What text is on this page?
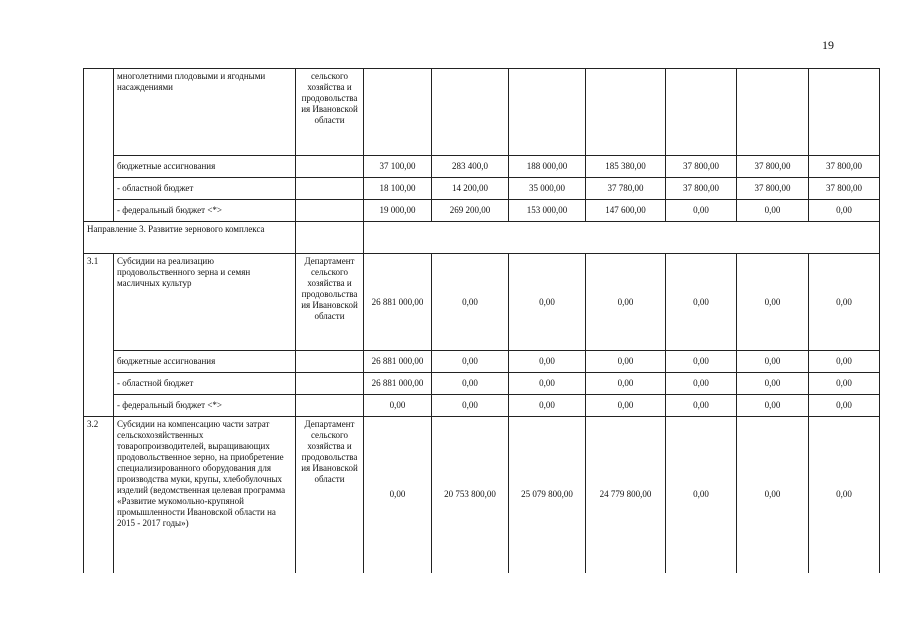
19
	многолетними плодовыми и ягодными насаждениями	сельского хозяйства и продовольства ия Ивановской области							
	бюджетные ассигнования		37 100,00	283 400,0	188 000,00	185 380,00	37 800,00	37 800,00	37 800,00
	- областной бюджет		18 100,00	14 200,00	35 000,00	37 780,00	37 800,00	37 800,00	37 800,00
	- федеральный бюджет <*>		19 000,00	269 200,00	153 000,00	147 600,00	0,00	0,00	0,00
Направление 3. Развитие зернового комплекса									
3.1	Субсидии на реализацию продовольственного зерна и семян масличных культур	Департамент сельского хозяйства и продовольства ия Ивановской области	26 881 000,00	0,00	0,00	0,00	0,00	0,00	0,00
	бюджетные ассигнования		26 881 000,00	0,00	0,00	0,00	0,00	0,00	0,00
	- областной бюджет		26 881 000,00	0,00	0,00	0,00	0,00	0,00	0,00
	- федеральный бюджет <*>		0,00	0,00	0,00	0,00	0,00	0,00	0,00
3.2	Субсидии на компенсацию части затрат сельскохозяйственных товаропроизводителей, выращивающих продовольственное зерно, на приобретение специализированного оборудования для производства муки, крупы, хлебобулочных изделий (ведомственная целевая программа «Развитие мукомольно-крупяной промышленности Ивановской области на 2015 - 2017 годы»)	Департамент сельского хозяйства и продовольства ия Ивановской области	0,00	20 753 800,00	25 079 800,00	24 779 800,00	0,00	0,00	0,00
